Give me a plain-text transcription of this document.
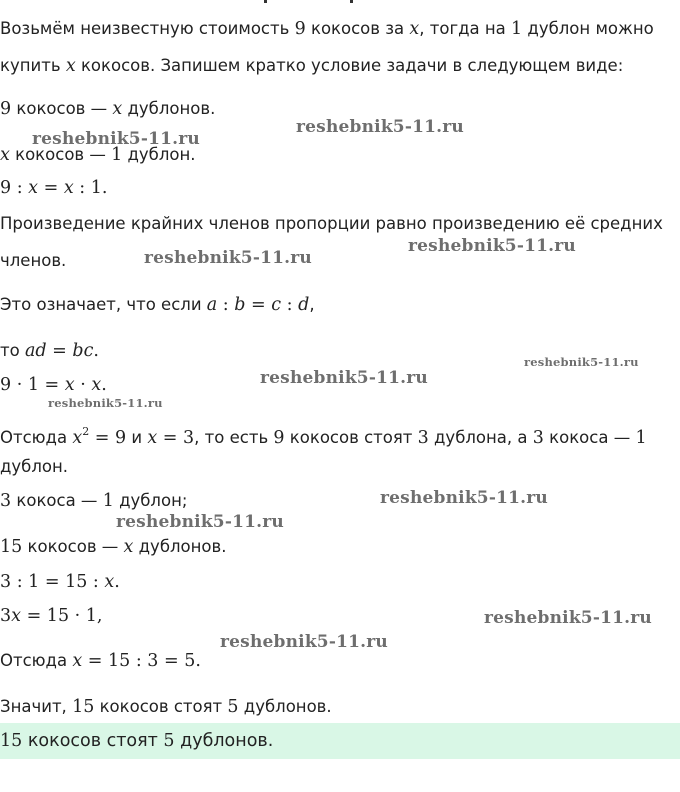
Возьмём неизвестную стоимость 9 кокосов за x, тогда на 1 дублон можно
купить x кокосов. Запишем кратко условие задачи в следующем виде:
9 кокосов — x дублонов.
x кокосов — 1 дублон.
9 : x = x : 1.
Произведение крайних членов пропорции равно произведению её средних
членов.
Это означает, что если a : b = c : d,
то ad = bc.
9 · 1 = x · x.
Отсюда $x^2 = 9$ и x = 3, то есть 9 кокосов стоят 3 дублона, а 3 кокоса — 1
дублон.
3 кокоса — 1 дублон;
15 кокосов — x дублонов.
3 : 1 = 15 : x.
3x = 15 · 1,
Отсюда x = 15 : 3 = 5.
Значит, 15 кокосов стоят 5 дублонов.
15 кокосов стоят 5 дублонов.
reshebnik5-11.ru
reshebnik5-11.ru
reshebnik5-11.ru
reshebnik5-11.ru
reshebnik5-11.ru
reshebnik5-11.ru
reshebnik5-11.ru
reshebnik5-11.ru
reshebnik5-11.ru
reshebnik5-11.ru
reshebnik5-11.ru
